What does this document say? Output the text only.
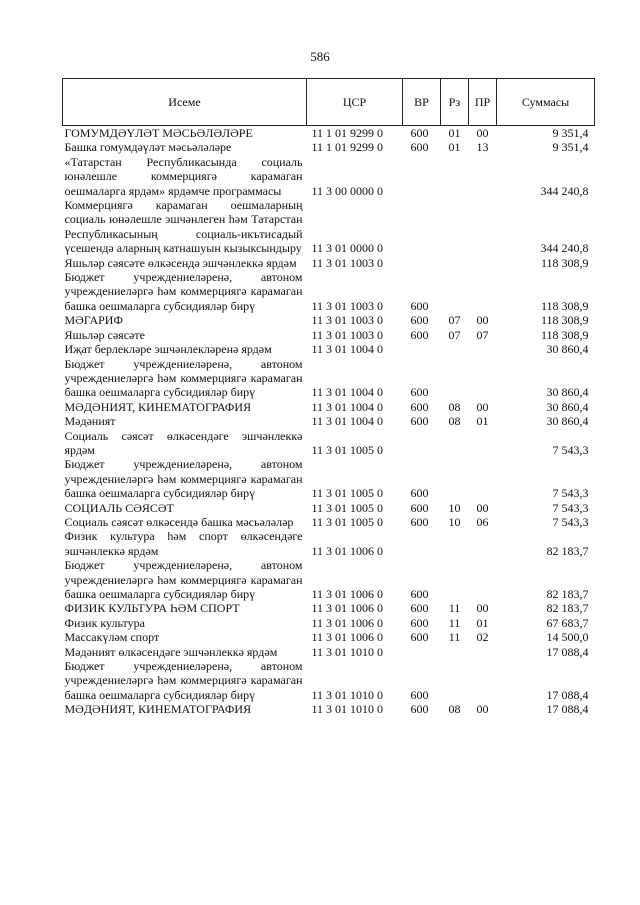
586
Исеме	ЦСР	ВР	Рз	ПР	Суммасы
ГОМУМДӘҮЛӘТ МӘСЬӘЛӘЛӘРЕ	11 1 01 9299 0	600	01	00	9 351,4
Башка гомумдәүләт мәсьәләләре	11 1 01 9299 0	600	01	13	9 351,4
«Татарстан Республикасында социаль юнәлешле коммерциягә карамаган оешмаларга ярдәм» ярдәмче программасы	11 3 00 0000 0				344 240,8
Коммерциягә карамаган оешмаларның социаль юнәлешле эшчәнлеген һәм Татарстан Республикасының социаль-икътисадый үсешендә аларның катнашуын кызыксындыру	11 3 01 0000 0				344 240,8
Яшьләр сәясәте өлкәсендә эшчәнлеккә ярдәм	11 3 01 1003 0				118 308,9
Бюджет учреждениеләренә, автоном учреждениеләргә һәм коммерциягә карамаган башка оешмаларга субсидияләр бирү	11 3 01 1003 0	600			118 308,9
МӘГАРИФ	11 3 01 1003 0	600	07	00	118 308,9
Яшьләр сәясәте	11 3 01 1003 0	600	07	07	118 308,9
Иҗат берлекләре эшчәнлекләренә ярдәм	11 3 01 1004 0				30 860,4
Бюджет учреждениеләренә, автоном учреждениеләргә һәм коммерциягә карамаган башка оешмаларга субсидияләр бирү	11 3 01 1004 0	600			30 860,4
МӘДӘНИЯТ, КИНЕМАТОГРАФИЯ	11 3 01 1004 0	600	08	00	30 860,4
Мәдәният	11 3 01 1004 0	600	08	01	30 860,4
Социаль сәясәт өлкәсендәге эшчәнлеккә ярдәм	11 3 01 1005 0				7 543,3
Бюджет учреждениеләренә, автоном учреждениеләргә һәм коммерциягә карамаган башка оешмаларга субсидияләр бирү	11 3 01 1005 0	600			7 543,3
СОЦИАЛЬ СӘЯСӘТ	11 3 01 1005 0	600	10	00	7 543,3
Социаль сәясәт өлкәсендә башка мәсьәләләр	11 3 01 1005 0	600	10	06	7 543,3
Физик культура һәм спорт өлкәсендәге эшчәнлеккә ярдәм	11 3 01 1006 0				82 183,7
Бюджет учреждениеләренә, автоном учреждениеләргә һәм коммерциягә карамаган башка оешмаларга субсидияләр бирү	11 3 01 1006 0	600			82 183,7
ФИЗИК КУЛЬТУРА ҺӘМ СПОРТ	11 3 01 1006 0	600	11	00	82 183,7
Физик культура	11 3 01 1006 0	600	11	01	67 683,7
Массакүләм спорт	11 3 01 1006 0	600	11	02	14 500,0
Мәдәният өлкәсендәге эшчәнлеккә ярдәм	11 3 01 1010 0				17 088,4
Бюджет учреждениеләренә, автоном учреждениеләргә һәм коммерциягә карамаган башка оешмаларга субсидияләр бирү	11 3 01 1010 0	600			17 088,4
МӘДӘНИЯТ, КИНЕМАТОГРАФИЯ	11 3 01 1010 0	600	08	00	17 088,4
